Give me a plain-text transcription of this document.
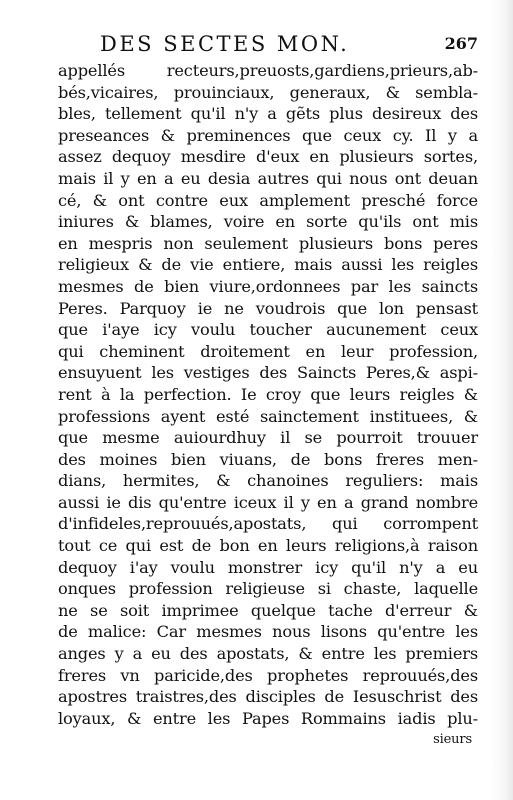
DES SECTES MON.	267
appellés recteurs,preuosts,gardiens,prieurs,ab-
bés,vicaires, prouinciaux, generaux, & sembla-
bles, tellement qu'il n'y a gẽts plus desireux des
preseances & preminences que ceux cy. Il y a
assez dequoy mesdire d'eux en plusieurs sortes,
mais il y en a eu desia autres qui nous ont deuan
cé, & ont contre eux amplement presché force
iniures & blames, voire en sorte qu'ils ont mis
en mespris non seulement plusieurs bons peres
religieux & de vie entiere, mais aussi les reigles
mesmes de bien viure,ordonnees par les saincts
Peres. Parquoy ie ne voudrois que lon pensast
que i'aye icy voulu toucher aucunement ceux
qui cheminent droitement en leur profession,
ensuyuent les vestiges des Saincts Peres,& aspi-
rent à la perfection. Ie croy que leurs reigles &
professions ayent esté sainctement instituees, &
que mesme auiourdhuy il se pourroit trouuer
des moines bien viuans, de bons freres men-
dians, hermites, & chanoines reguliers: mais
aussi ie dis qu'entre iceux il y en a grand nombre
d'infideles,reprouués,apostats, qui corrompent
tout ce qui est de bon en leurs religions,à raison
dequoy i'ay voulu monstrer icy qu'il n'y a eu
onques profession religieuse si chaste, laquelle
ne se soit imprimee quelque tache d'erreur &
de malice: Car mesmes nous lisons qu'entre les
anges y a eu des apostats, & entre les premiers
freres vn paricide,des prophetes reprouués,des
apostres traistres,des disciples de Iesuschrist des
loyaux, & entre les Papes Rommains iadis plu-
sieurs
